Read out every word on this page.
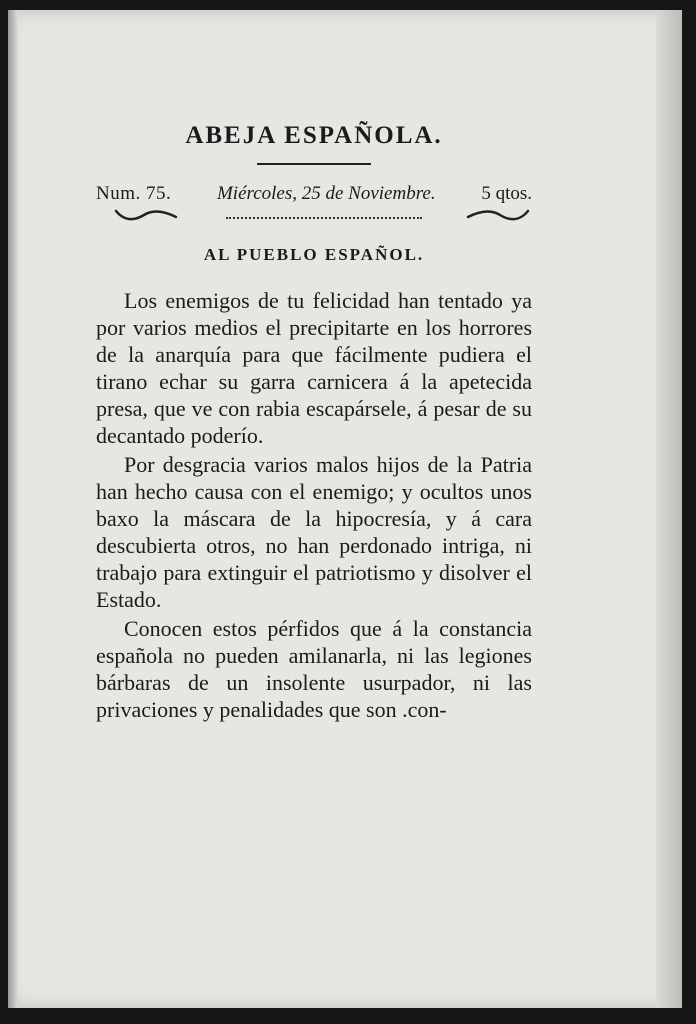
ABEJA ESPAÑOLA.
Num. 75. Miércoles, 25 de Noviembre. 5 qtos.
AL PUEBLO ESPAÑOL.

Los enemigos de tu felicidad han tentado ya por varios medios el precipitarte en los horrores de la anarquía para que fácilmente pudiera el tirano echar su garra carnicera á la apetecida presa, que ve con rabia escapársele, á pesar de su decantado poderío.

Por desgracia varios malos hijos de la Patria han hecho causa con el enemigo; y ocultos unos baxo la máscara de la hipocresía, y á cara descubierta otros, no han perdonado intriga, ni trabajo para extinguir el patriotismo y disolver el Estado.

Conocen estos pérfidos que á la constancia española no pueden amilanarla, ni las legiones bárbaras de un insolente usurpador, ni las privaciones y penalidades que son .con-
